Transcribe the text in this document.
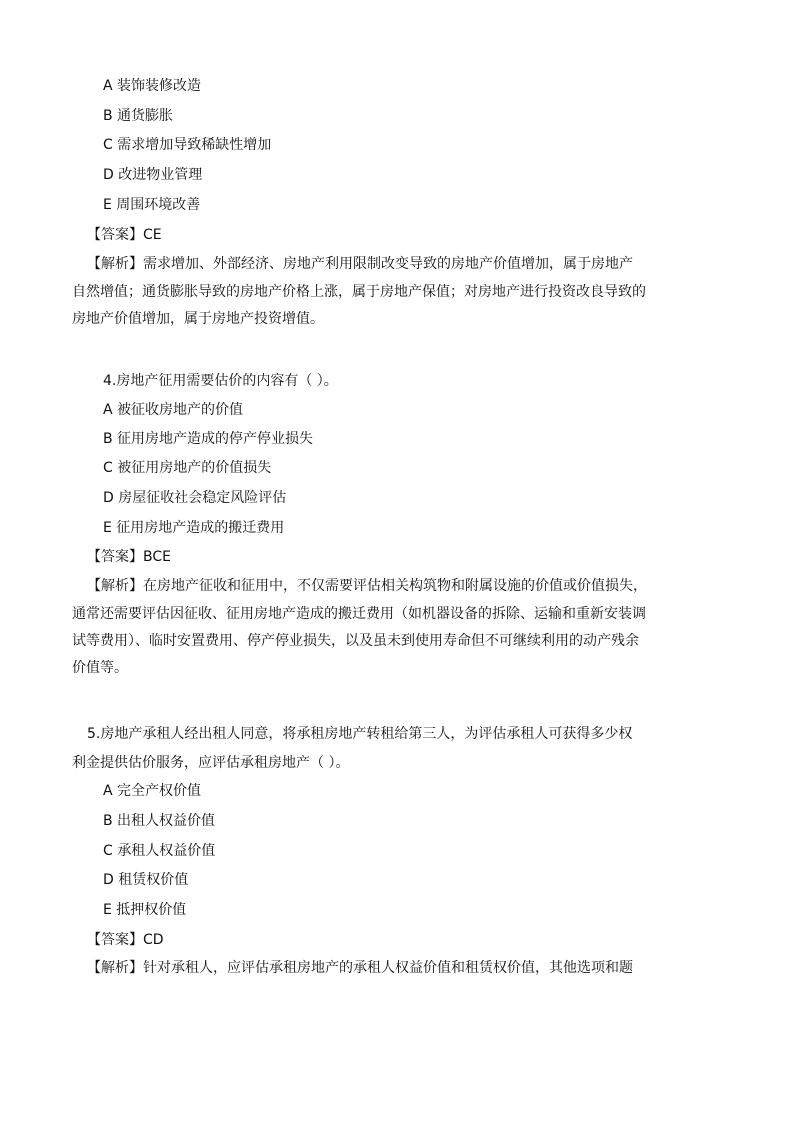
A 装饰装修改造
B 通货膨胀
C 需求增加导致稀缺性增加
D 改进物业管理
E 周围环境改善
【答案】CE
【解析】需求增加、外部经济、房地产利用限制改变导致的房地产价值增加，属于房地产
自然增值；通货膨胀导致的房地产价格上涨，属于房地产保值；对房地产进行投资改良导致的
房地产价值增加，属于房地产投资增值。
4.房地产征用需要估价的内容有（ ）。
A 被征收房地产的价值
B 征用房地产造成的停产停业损失
C 被征用房地产的价值损失
D 房屋征收社会稳定风险评估
E 征用房地产造成的搬迁费用
【答案】BCE
【解析】在房地产征收和征用中，不仅需要评估相关构筑物和附属设施的价值或价值损失，
通常还需要评估因征收、征用房地产造成的搬迁费用（如机器设备的拆除、运输和重新安装调
试等费用）、临时安置费用、停产停业损失，以及虽未到使用寿命但不可继续利用的动产残余
价值等。
5.房地产承租人经出租人同意，将承租房地产转租给第三人，为评估承租人可获得多少权
利金提供估价服务，应评估承租房地产（ ）。
A 完全产权价值
B 出租人权益价值
C 承租人权益价值
D 租赁权价值
E 抵押权价值
【答案】CD
【解析】针对承租人，应评估承租房地产的承租人权益价值和租赁权价值，其他选项和题
